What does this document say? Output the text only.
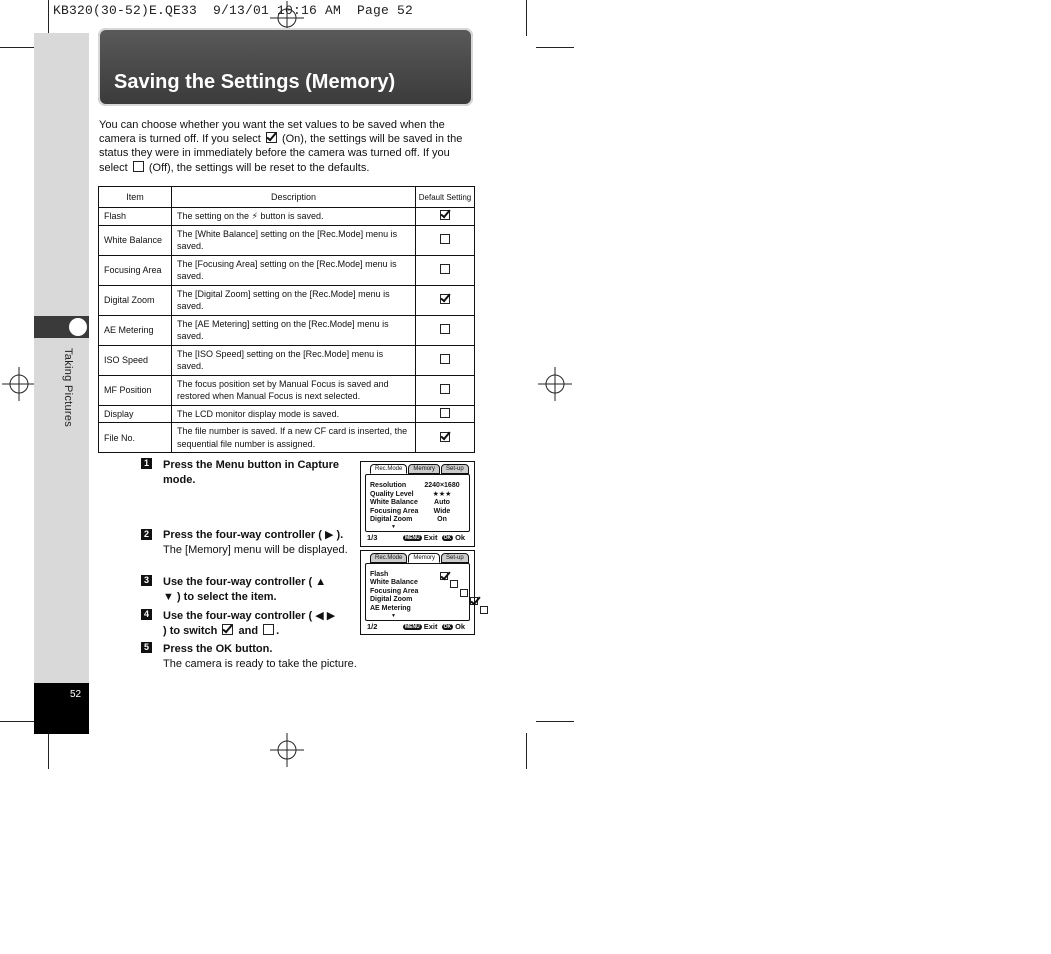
KB320(30-52)E.QE33  9/13/01 10:16 AM  Page 52
Taking Pictures
52
Saving the Settings (Memory)
You can choose whether you want the set values to be saved when the camera is turned off. If you select (On), the settings will be saved in the status they were in immediately before the camera was turned off. If you select (Off), the settings will be reset to the defaults.
Item	Description	Default Setting
Flash	The setting on the ⚡ button is saved.	
White Balance	The [White Balance] setting on the [Rec.Mode] menu is saved.	
Focusing Area	The [Focusing Area] setting on the [Rec.Mode] menu is saved.	
Digital Zoom	The [Digital Zoom] setting on the [Rec.Mode] menu is saved.	
AE Metering	The [AE Metering] setting on the [Rec.Mode] menu is saved.	
ISO Speed	The [ISO Speed] setting on the [Rec.Mode] menu is saved.	
MF Position	The focus position set by Manual Focus is saved and restored when Manual Focus is next selected.	
Display	The LCD monitor display mode is saved.	
File No.	The file number is saved. If a new CF card is inserted, the sequential file number is assigned.	
1 Press the Menu button in Capture mode.
2 Press the four-way controller ( ▶ ).
The [Memory] menu will be displayed.
3 Use the four-way controller ( ▲ ▼ ) to select the item.
4 Use the four-way controller ( ◀ ▶ ) to switch and .
5 Press the OK button.
The camera is ready to take the picture.
Rec.Mode	Memory	Set-up
Resolution	2240×1680
Quality Level	★★★
White Balance	Auto
Focusing Area	Wide
Digital Zoom	On
▼
1/3	MENU Exit OK Ok
Rec.Mode	Memory	Set-up
Flash

White Balance

Focusing Area

Digital Zoom

AE Metering
▼
1/2	MENU Exit OK Ok
